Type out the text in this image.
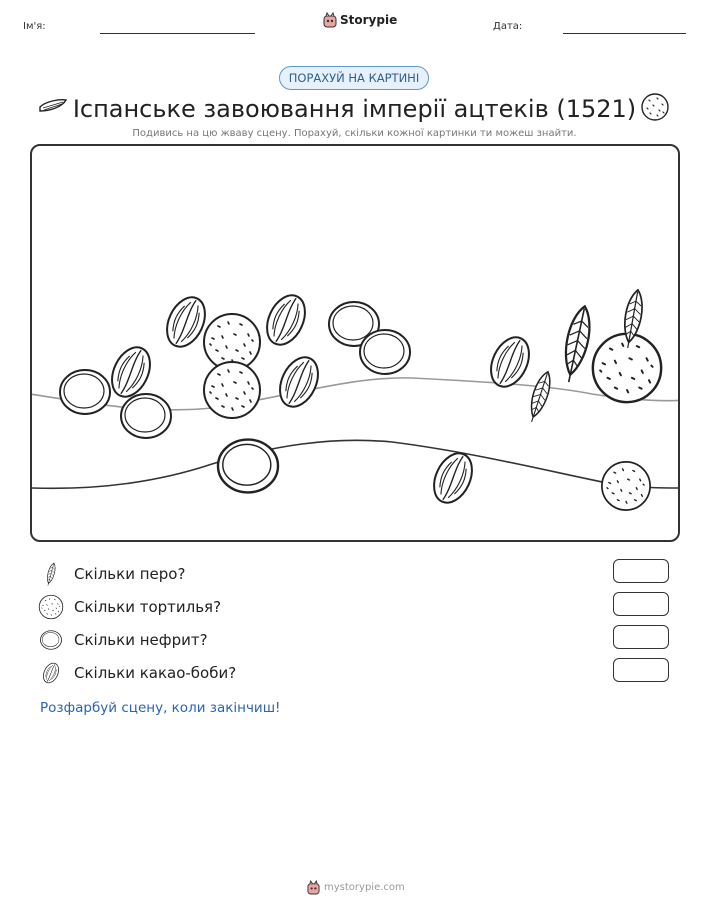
Ім'я:	Дата:
Storypie
ПОРАХУЙ НА КАРТИНІ
Іспанське завоювання імперії ацтеків (1521)
Подивись на цю жваву сцену. Порахуй, скільки кожної картинки ти можеш знайти.
Скільки перо?
Скільки тортилья?
Скільки нефрит?
Скільки какао-боби?
Розфарбуй сцену, коли закінчиш!
mystorypie.com
